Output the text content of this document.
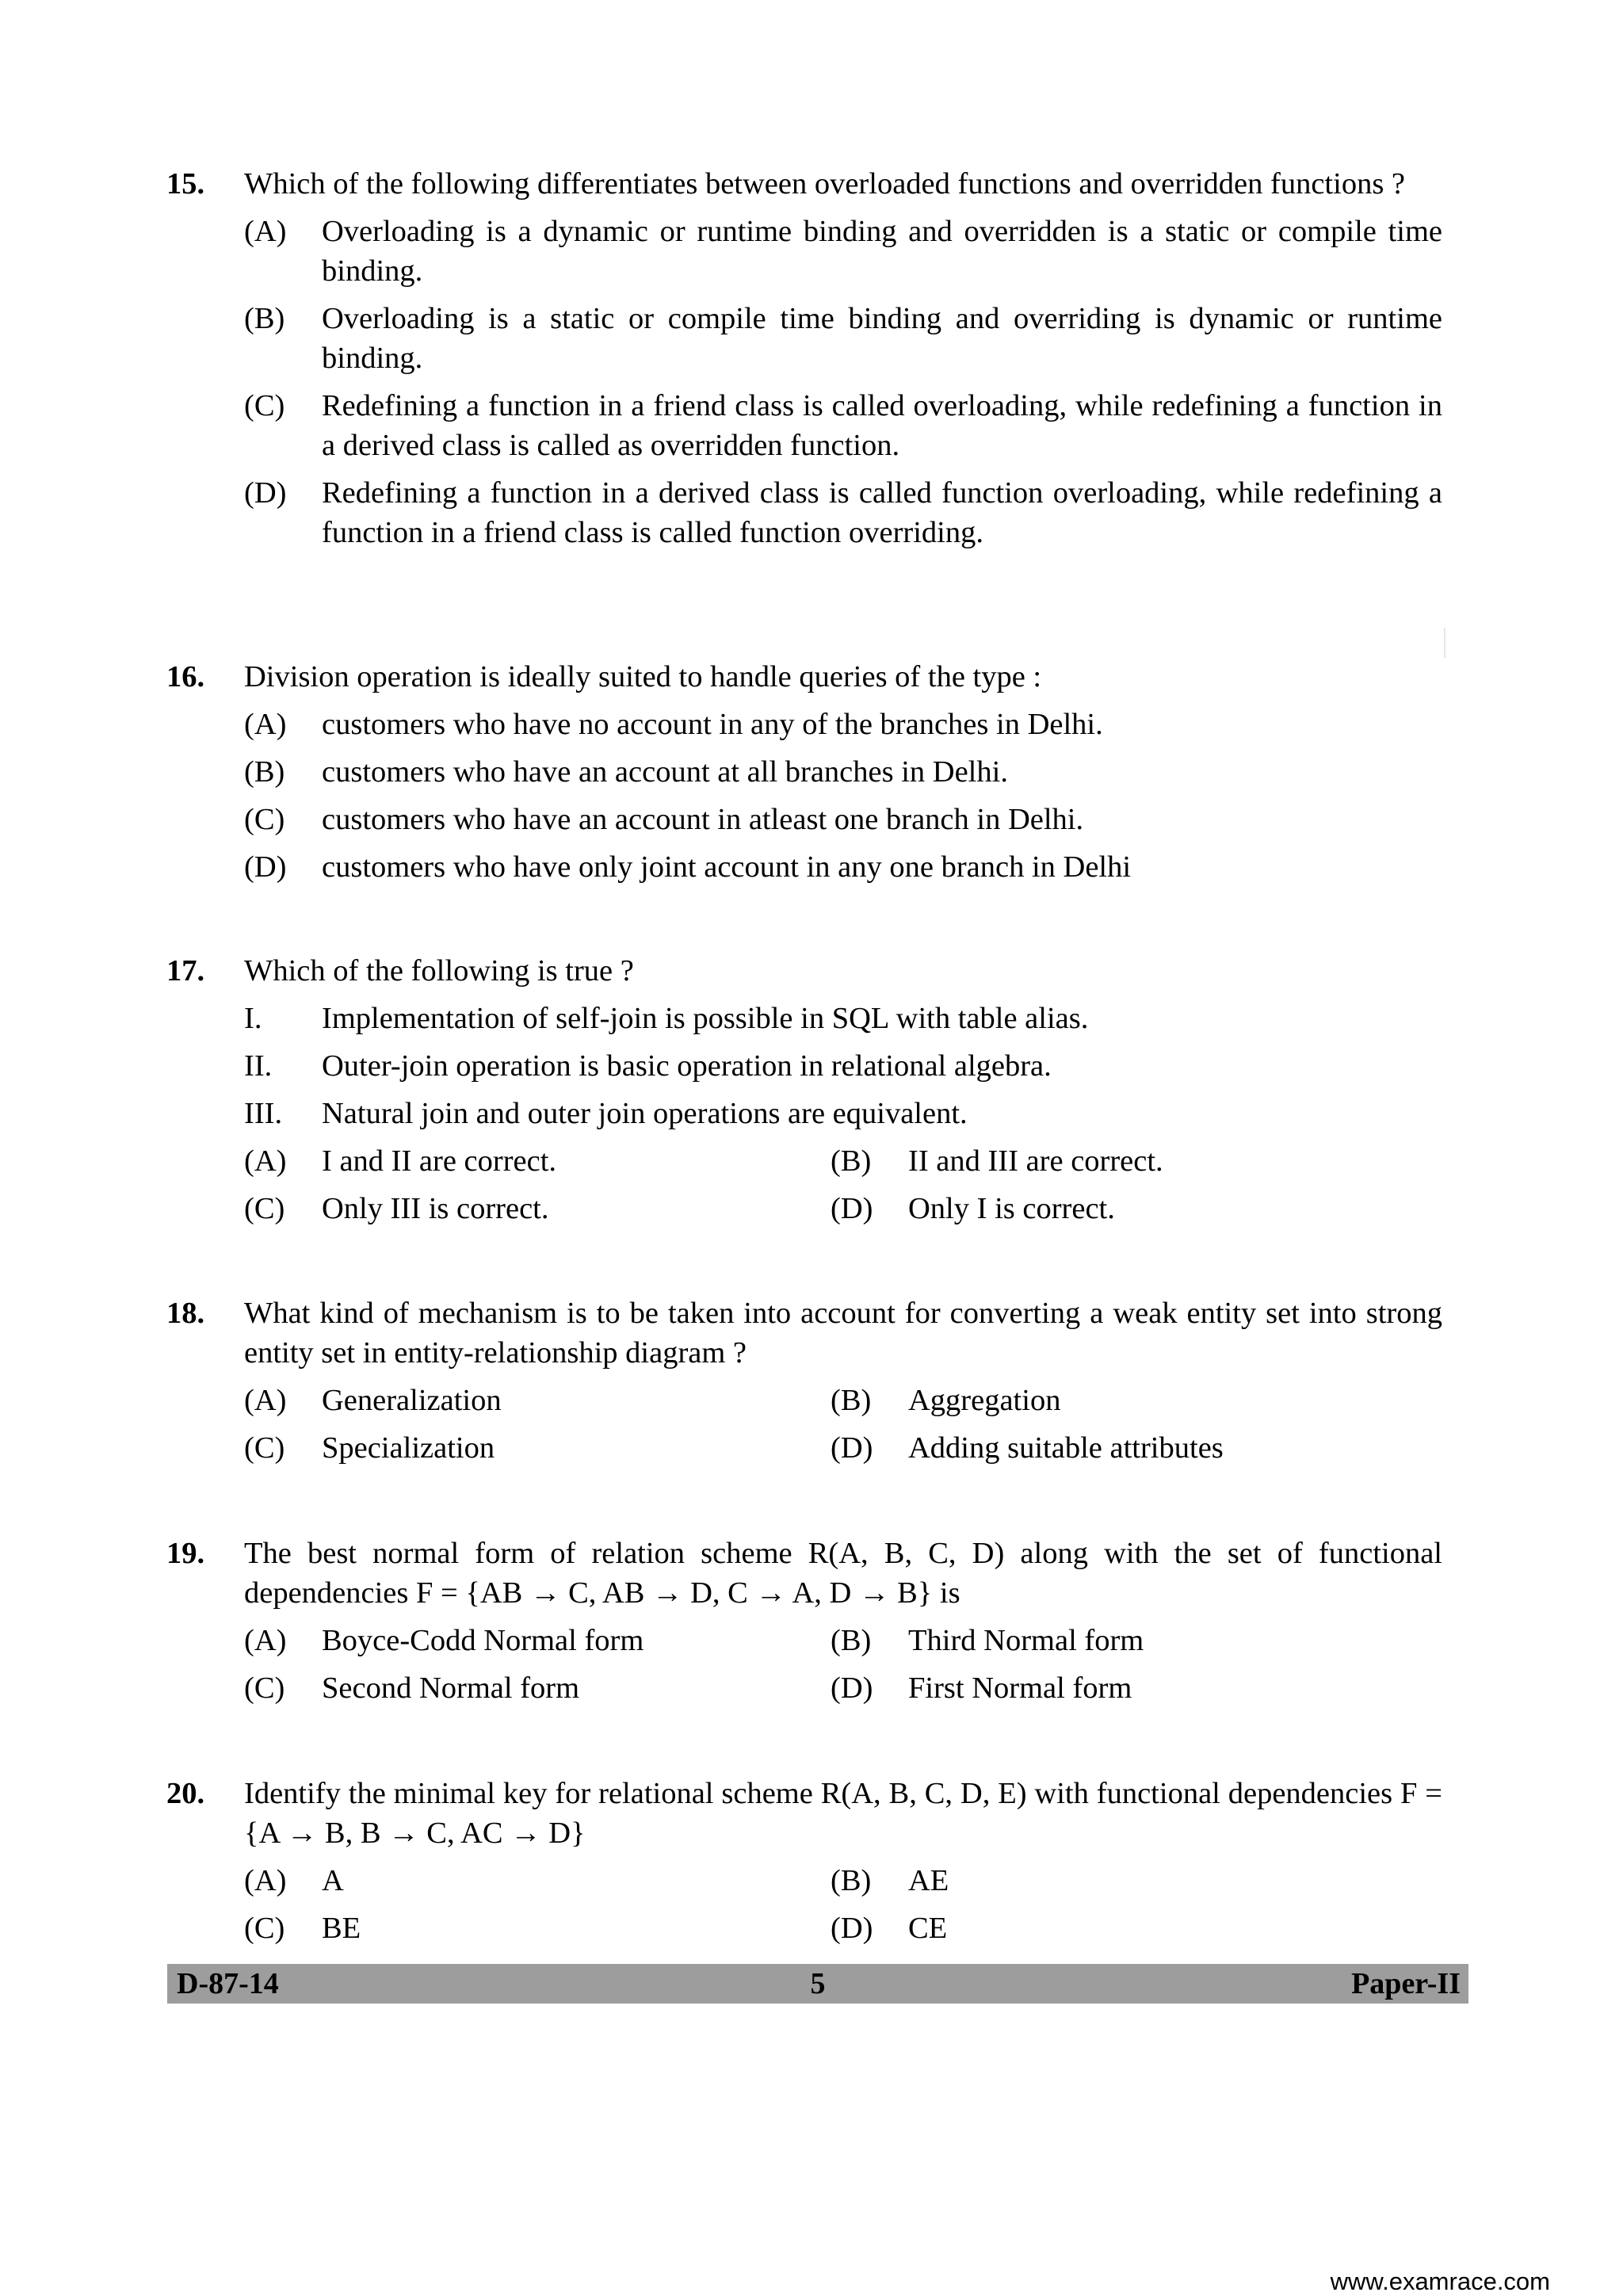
15. Which of the following differentiates between overloaded functions and overridden functions ?
(A) Overloading is a dynamic or runtime binding and overridden is a static or compile time binding.
(B) Overloading is a static or compile time binding and overriding is dynamic or runtime binding.
(C) Redefining a function in a friend class is called overloading, while redefining a function in a derived class is called as overridden function.
(D) Redefining a function in a derived class is called function overloading, while redefining a function in a friend class is called function overriding.
16. Division operation is ideally suited to handle queries of the type :
(A) customers who have no account in any of the branches in Delhi.
(B) customers who have an account at all branches in Delhi.
(C) customers who have an account in atleast one branch in Delhi.
(D) customers who have only joint account in any one branch in Delhi
17. Which of the following is true ?
I. Implementation of self-join is possible in SQL with table alias.
II. Outer-join operation is basic operation in relational algebra.
III. Natural join and outer join operations are equivalent.
(A) I and II are correct.	(B) II and III are correct.
(C) Only III is correct.	(D) Only I is correct.
18. What kind of mechanism is to be taken into account for converting a weak entity set into strong entity set in entity-relationship diagram ?
(A) Generalization	(B) Aggregation
(C) Specialization	(D) Adding suitable attributes
19. The best normal form of relation scheme R(A, B, C, D) along with the set of functional dependencies F = {AB → C, AB → D, C → A, D → B} is
(A) Boyce-Codd Normal form	(B) Third Normal form
(C) Second Normal form	(D) First Normal form
20. Identify the minimal key for relational scheme R(A, B, C, D, E) with functional dependencies F = {A → B, B → C, AC → D}
(A) A	(B) AE
(C) BE	(D) CE
D-87-14	5	Paper-II
www.examrace.com
